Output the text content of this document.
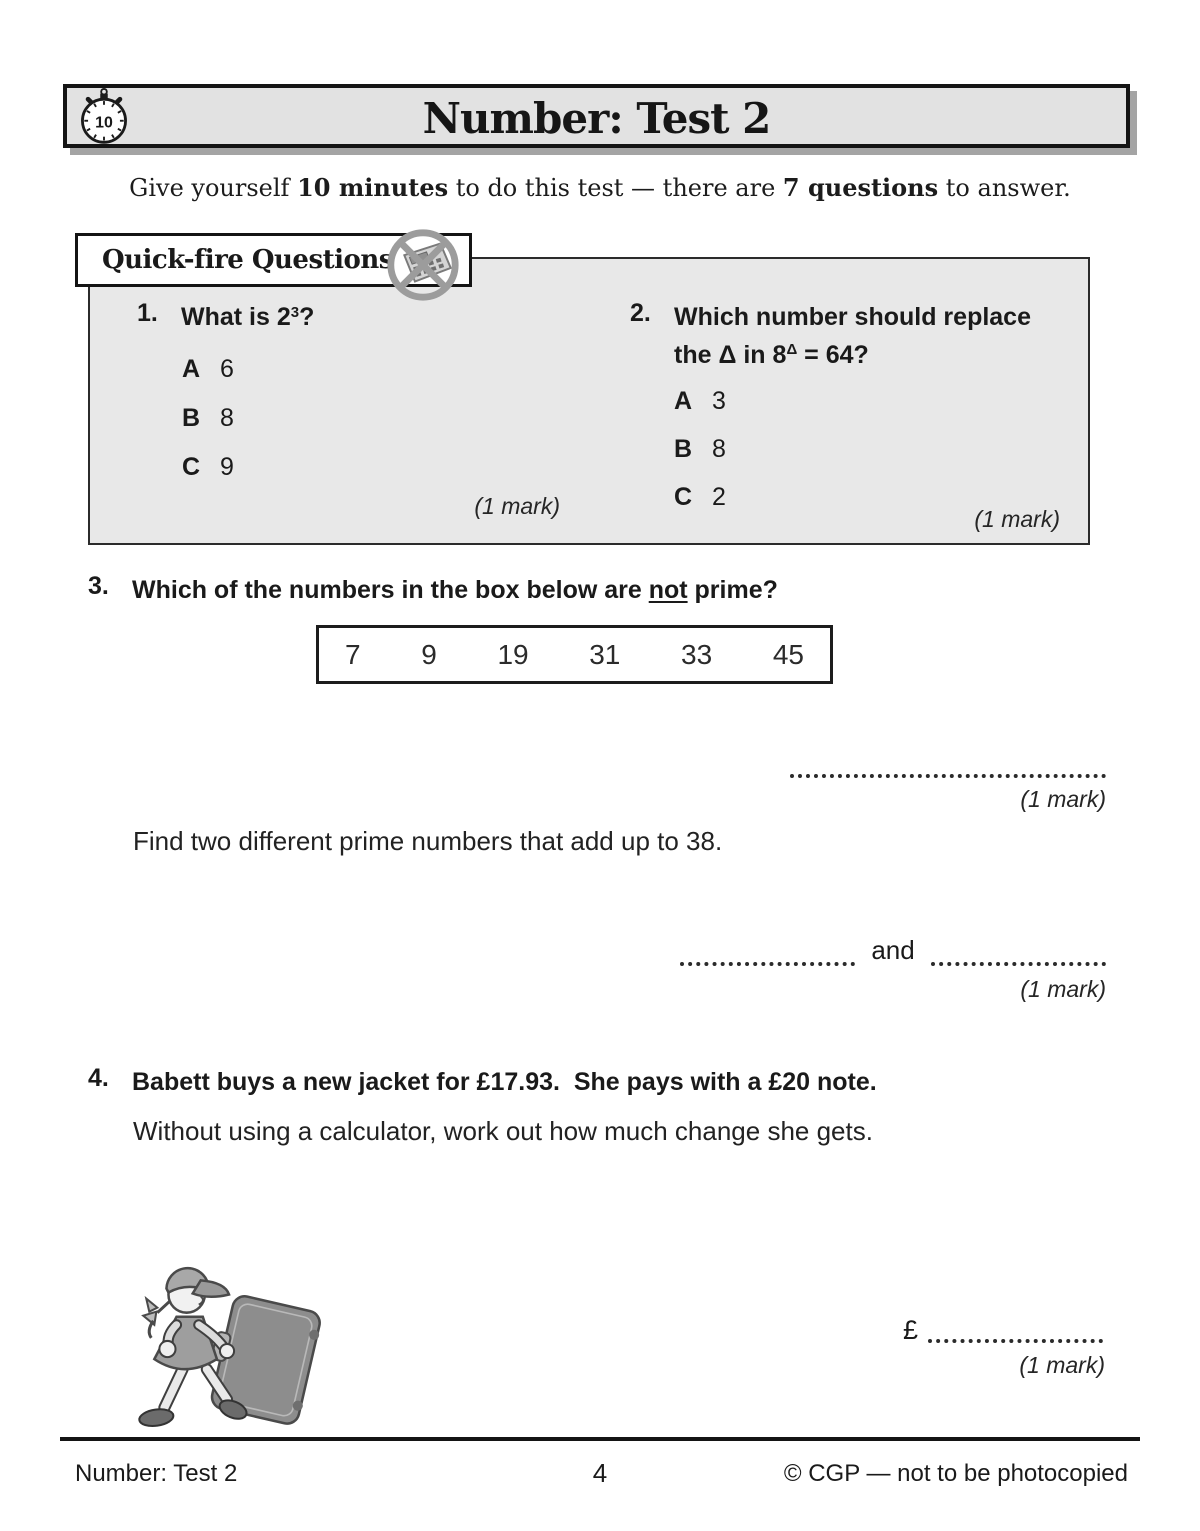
Number: Test 2
10
Give yourself 10 minutes to do this test — there are 7 questions to answer.
1. What is $2^3$?
A 6
B 8
C 9
(1 mark)
2. Which number should replace
the Δ in $8^\Delta = 64$?
A 3
B 8
C 2
(1 mark)
Quick-fire Questions
3. Which of the numbers in the box below are not prime?
7 9 19 31 33 45
(1 mark)
Find two different prime numbers that add up to 38.
and
(1 mark)
4. Babett buys a new jacket for £17.93.  She pays with a £20 note.
Without using a calculator, work out how much change she gets.
£
(1 mark)
Number: Test 2	4	© CGP — not to be photocopied
